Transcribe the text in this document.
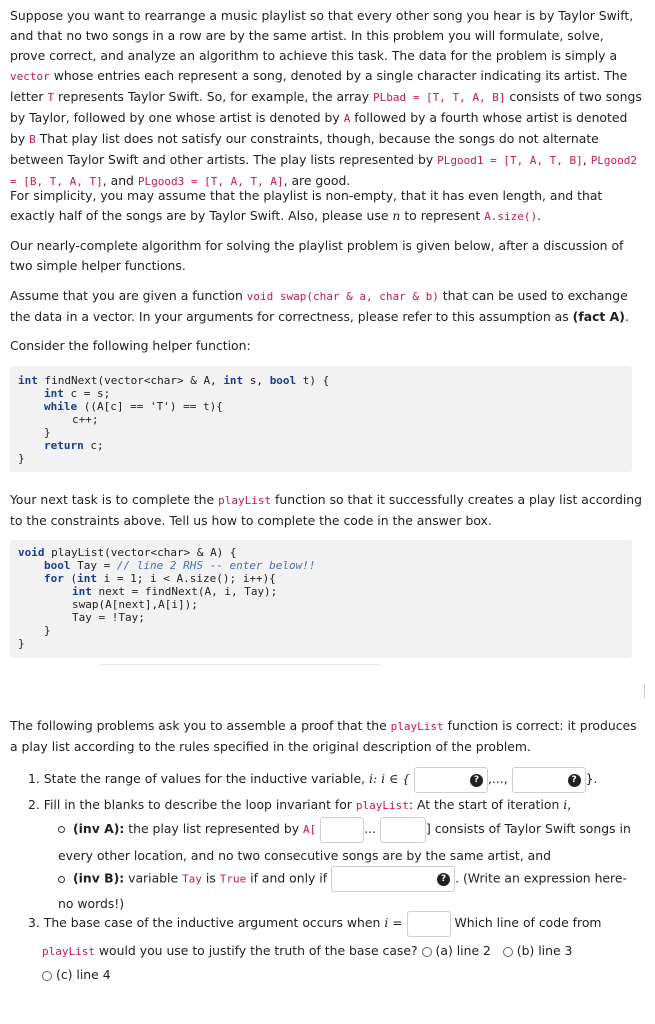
Suppose you want to rearrange a music playlist so that every other song you hear is by Taylor Swift, and that no two songs in a row are by the same artist. In this problem you will formulate, solve, prove correct, and analyze an algorithm to achieve this task. The data for the problem is simply a vector whose entries each represent a song, denoted by a single character indicating its artist. The letter T represents Taylor Swift. So, for example, the array PLbad = [T, T, A, B] consists of two songs by Taylor, followed by one whose artist is denoted by A followed by a fourth whose artist is denoted by B That play list does not satisfy our constraints, though, because the songs do not alternate between Taylor Swift and other artists. The play lists represented by PLgood1 = [T, A, T, B], PLgood2 = [B, T, A, T], and PLgood3 = [T, A, T, A], are good.

For simplicity, you may assume that the playlist is non-empty, that it has even length, and that exactly half of the songs are by Taylor Swift. Also, please use n to represent A.size().

Our nearly-complete algorithm for solving the playlist problem is given below, after a discussion of two simple helper functions.

Assume that you are given a function void swap(char & a, char & b) that can be used to exchange the data in a vector. In your arguments for correctness, please refer to this assumption as (fact A).

Consider the following helper function:

int findNext(vector<char> & A, int s, bool t) {
int c = s;
while ((A[c] == 'T') == t){
c++;
}
return c;
}

Your next task is to complete the playList function so that it successfully creates a play list according to the constraints above. Tell us how to complete the code in the answer box.

void playList(vector<char> & A) {
bool Tay = // line 2 RHS -- enter below!!
for (int i = 1; i < A.size(); i++){
int next = findNext(A, i, Tay);
swap(A[next],A[i]);
Tay = !Tay;
}
}

The following problems ask you to assemble a proof that the playList function is correct: it produces a play list according to the rules specified in the original description of the problem.

1. State the range of values for the inductive variable, i: i ∈ {	? ,...,	? }.

2. Fill in the blanks to describe the loop invariant for playList: At the start of iteration i,

(inv A): the play list represented by A[	...	] consists of Taylor Swift songs in every other location, and no two consecutive songs are by the same artist, and
(inv B): variable Tay is True if and only if	? . (Write an expression here-no words!)
3. The base case of the inductive argument occurs when i =	Which line of code from

playList would you use to justify the truth of the base case? (a) line 2 (b) line 3

(c) line 4
